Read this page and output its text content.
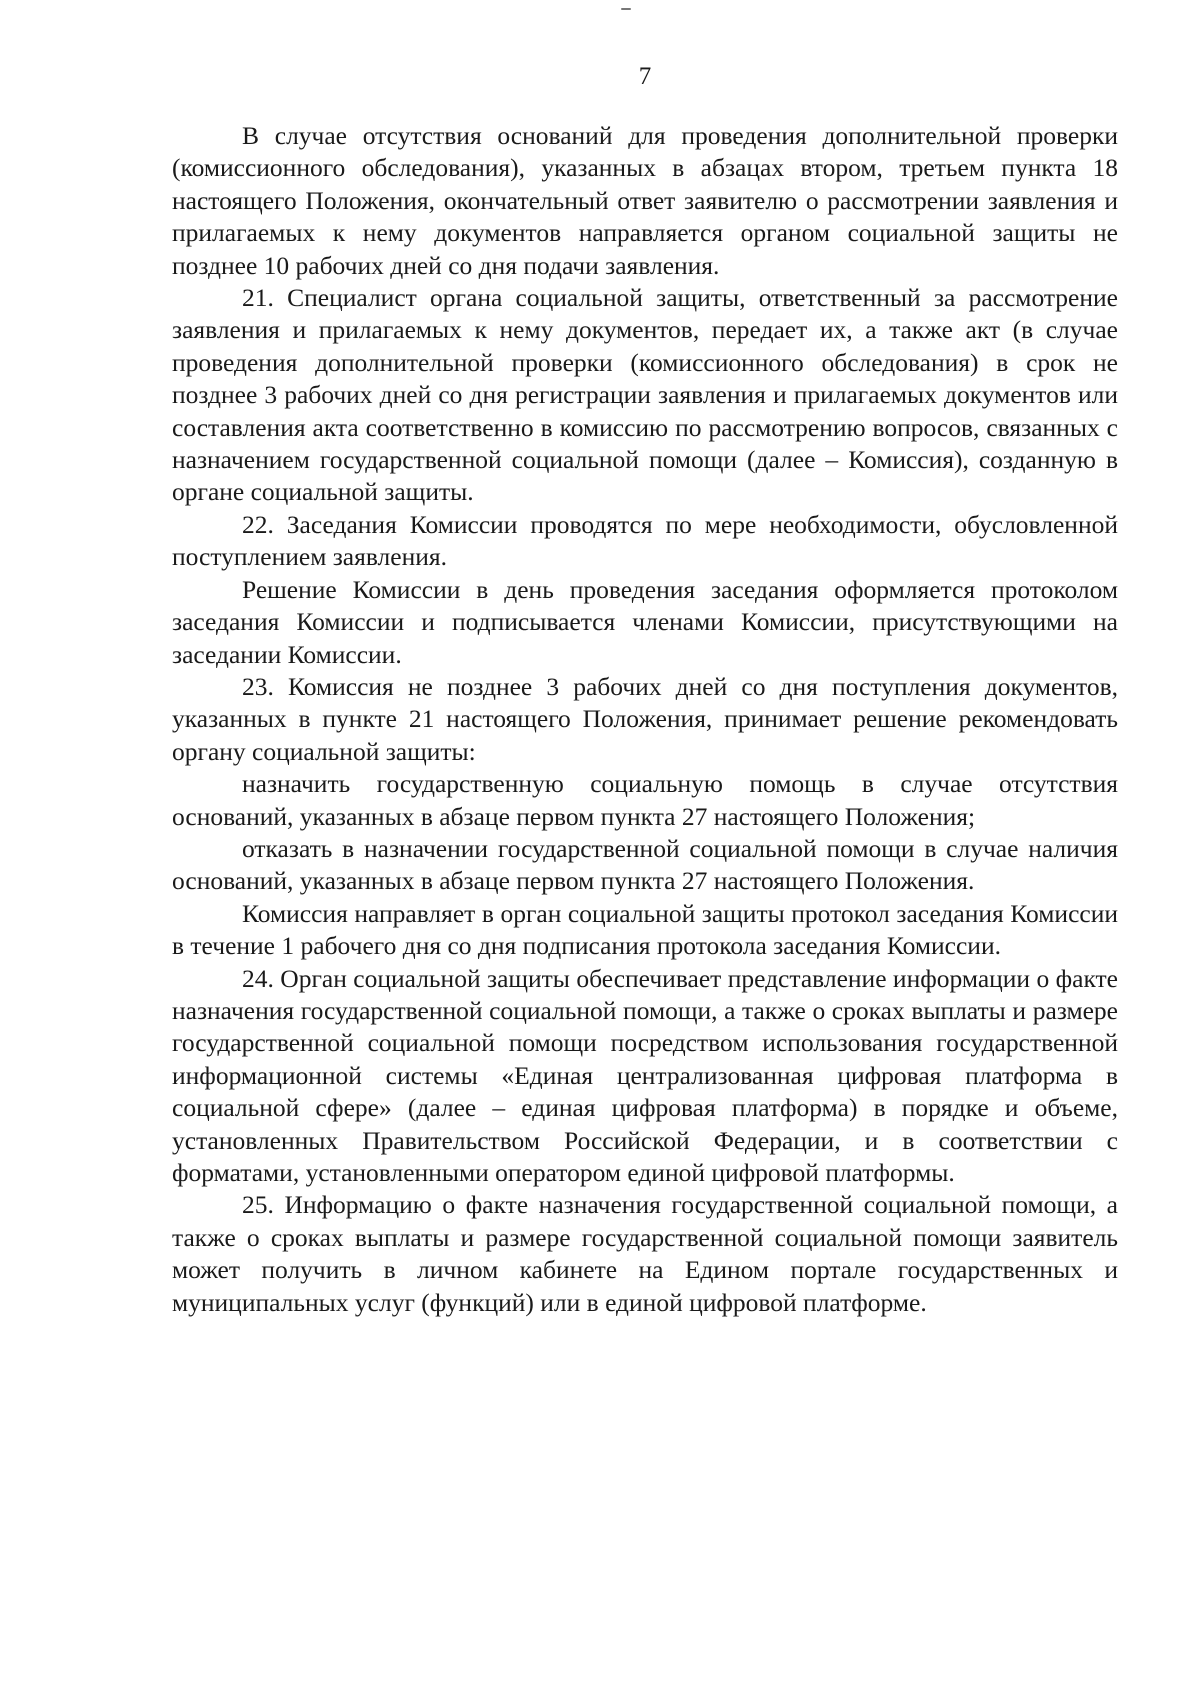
7

В случае отсутствия оснований для проведения дополнительной проверки (комиссионного обследования), указанных в абзацах втором, третьем пункта 18 настоящего Положения, окончательный ответ заявителю о рассмотрении заявления и прилагаемых к нему документов направляется органом социальной защиты не позднее 10 рабочих дней со дня подачи заявления.

21. Специалист органа социальной защиты, ответственный за рассмотрение заявления и прилагаемых к нему документов, передает их, а также акт (в случае проведения дополнительной проверки (комиссионного обследования) в срок не позднее 3 рабочих дней со дня регистрации заявления и прилагаемых документов или составления акта соответственно в комиссию по рассмотрению вопросов, связанных с назначением государственной социальной помощи (далее – Комиссия), созданную в органе социальной защиты.

22. Заседания Комиссии проводятся по мере необходимости, обусловленной поступлением заявления.

Решение Комиссии в день проведения заседания оформляется протоколом заседания Комиссии и подписывается членами Комиссии, присутствующими на заседании Комиссии.

23. Комиссия не позднее 3 рабочих дней со дня поступления документов, указанных в пункте 21 настоящего Положения, принимает решение рекомендовать органу социальной защиты:

назначить государственную социальную помощь в случае отсутствия оснований, указанных в абзаце первом пункта 27 настоящего Положения;

отказать в назначении государственной социальной помощи в случае наличия оснований, указанных в абзаце первом пункта 27 настоящего Положения.

Комиссия направляет в орган социальной защиты протокол заседания Комиссии в течение 1 рабочего дня со дня подписания протокола заседания Комиссии.

24. Орган социальной защиты обеспечивает представление информации о факте назначения государственной социальной помощи, а также о сроках выплаты и размере государственной социальной помощи посредством использования государственной информационной системы «Единая централизованная цифровая платформа в социальной сфере» (далее – единая цифровая платформа) в порядке и объеме, установленных Правительством Российской Федерации, и в соответствии с форматами, установленными оператором единой цифровой платформы.

25. Информацию о факте назначения государственной социальной помощи, а также о сроках выплаты и размере государственной социальной помощи заявитель может получить в личном кабинете на Едином портале государственных и муниципальных услуг (функций) или в единой цифровой платформе.
